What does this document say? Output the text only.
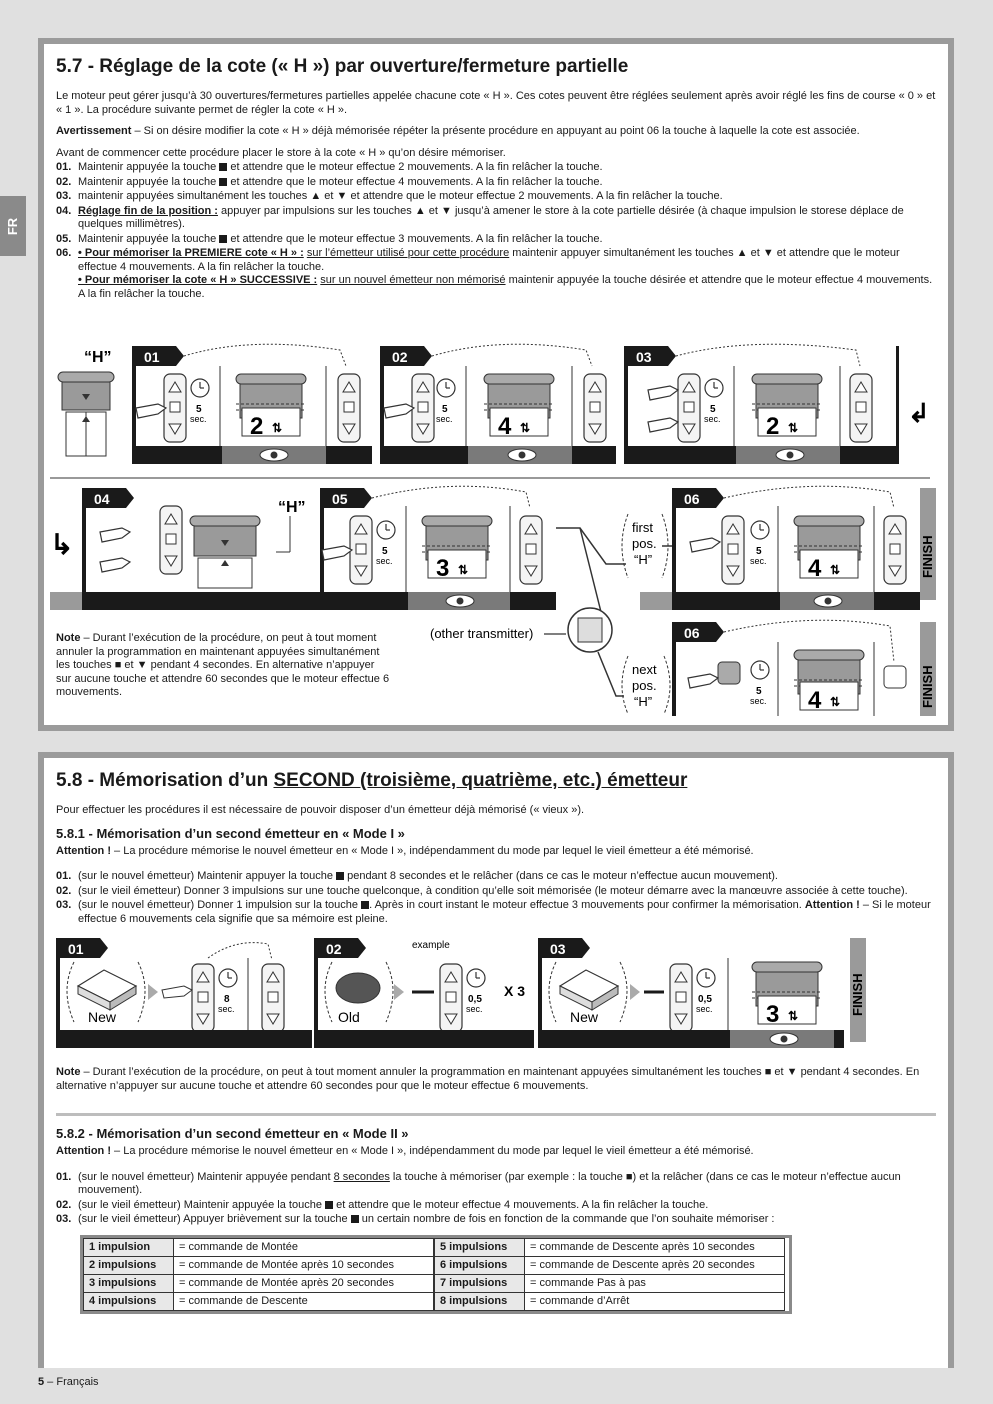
FR
5.7 - Réglage de la cote (« H ») par ouverture/fermeture partielle

Le moteur peut gérer jusqu’à 30 ouvertures/fermetures partielles appelée chacune cote « H ». Ces cotes peuvent être réglées seulement après avoir réglé les fins de course « 0 » et « 1 ». La procédure suivante permet de régler la cote « H ».

Avertissement – Si on désire modifier la cote « H » déjà mémorisée répéter la présente procédure en appuyant au point 06 la touche à laquelle la cote est associée.

Avant de commencer cette procédure placer le store à la cote « H » qu’on désire mémoriser.

01. Maintenir appuyée la touche  et attendre que le moteur effectue 2 mouvements. A la fin relâcher la touche.
02. Maintenir appuyée la touche  et attendre que le moteur effectue 4 mouvements. A la fin relâcher la touche.
03. maintenir appuyées simultanément les touches ▲ et ▼ et attendre que le moteur effectue 2 mouvements. A la fin relâcher la touche.
04. Réglage fin de la position : appuyer par impulsions sur les touches ▲ et ▼ jusqu’à amener le store à la cote partielle désirée (à chaque impulsion le storese déplace de quelques millimètres).
05. Maintenir appuyée la touche  et attendre que le moteur effectue 3 mouvements. A la fin relâcher la touche.
06. • Pour mémoriser la PREMIERE cote « H » : sur l’émetteur utilisé pour cette procédure maintenir appuyer simultanément les touches ▲ et ▼ et attendre que le moteur effectue 4 mouvements. A la fin relâcher la touche.
• Pour mémoriser la cote « H » SUCCESSIVE : sur un nouvel émetteur non mémorisé maintenir appuyée la touche désirée et attendre que le moteur effectue 4 mouvements. A la fin relâcher la touche.
“H” 01
5
sec. 2 ⇅
02
5
sec. 4 ⇅
03
5
sec. 2 ⇅	↲
↳
04	“H” 05
5
sec. 3 ⇅
first
pos.
“H”
(other transmitter)
next
pos.
“H”
06
5
sec. 4 ⇅	FINISH
06
5
sec. 4 ⇅	FINISH
Note – Durant l’exécution de la procédure, on peut à tout moment annuler la programmation en maintenant appuyées simultanément les touches ■ et ▼ pendant 4 secondes. En alternative n’appuyer sur aucune touche et attendre 60 secondes que le moteur effectue 6 mouvements.
5.8 - Mémorisation d’un SECOND (troisième, quatrième, etc.) émetteur

Pour effectuer les procédures il est nécessaire de pouvoir disposer d’un émetteur déjà mémorisé (« vieux »).

5.8.1 - Mémorisation d’un second émetteur en « Mode I »

Attention ! – La procédure mémorise le nouvel émetteur en « Mode I », indépendamment du mode par lequel le vieil émetteur a été mémorisé.

01. (sur le nouvel émetteur) Maintenir appuyer la touche  pendant 8 secondes et le relâcher (dans ce cas le moteur n’effectue aucun mouvement).
02. (sur le vieil émetteur) Donner 3 impulsions sur une touche quelconque, à condition qu’elle soit mémorisée (le moteur démarre avec la manœuvre associée à cette touche).
03. (sur le nouvel émetteur) Donner 1 impulsion sur la touche . Après in court instant le moteur effectue 3 mouvements pour confirmer la mémorisation. Attention ! – Si le moteur effectue 6 mouvements cela signifie que sa mémoire est pleine.
01
New
8
sec.
02
Old
example
0,5
sec.
X 3
03
New
0,5
sec. 3 ⇅	FINISH

Note – Durant l’exécution de la procédure, on peut à tout moment annuler la programmation en maintenant appuyées simultanément les touches ■ et ▼ pendant 4 secondes. En alternative n’appuyer sur aucune touche et attendre 60 secondes pour que le moteur effectue 6 mouvements.

5.8.2 - Mémorisation d’un second émetteur en « Mode II »

Attention ! – La procédure mémorise le nouvel émetteur en « Mode I », indépendamment du mode par lequel le vieil émetteur a été mémorisé.

01. (sur le nouvel émetteur) Maintenir appuyée pendant 8 secondes la touche à mémoriser (par exemple : la touche ■) et la relâcher (dans ce cas le moteur n’effectue aucun mouvement).
02. (sur le vieil émetteur) Maintenir appuyée la touche  et attendre que le moteur effectue 4 mouvements. A la fin relâcher la touche.
03. (sur le vieil émetteur) Appuyer brièvement sur la touche  un certain nombre de fois en fonction de la commande que l’on souhaite mémoriser :
1 impulsion	= commande de Montée
2 impulsions	= commande de Montée après 10 secondes
3 impulsions	= commande de Montée après 20 secondes
4 impulsions	= commande de Descente
5 impulsions	= commande de Descente après 10 secondes
6 impulsions	= commande de Descente après 20 secondes
7 impulsions	= commande Pas à pas
8 impulsions	= commande d’Arrêt
5 – Français
